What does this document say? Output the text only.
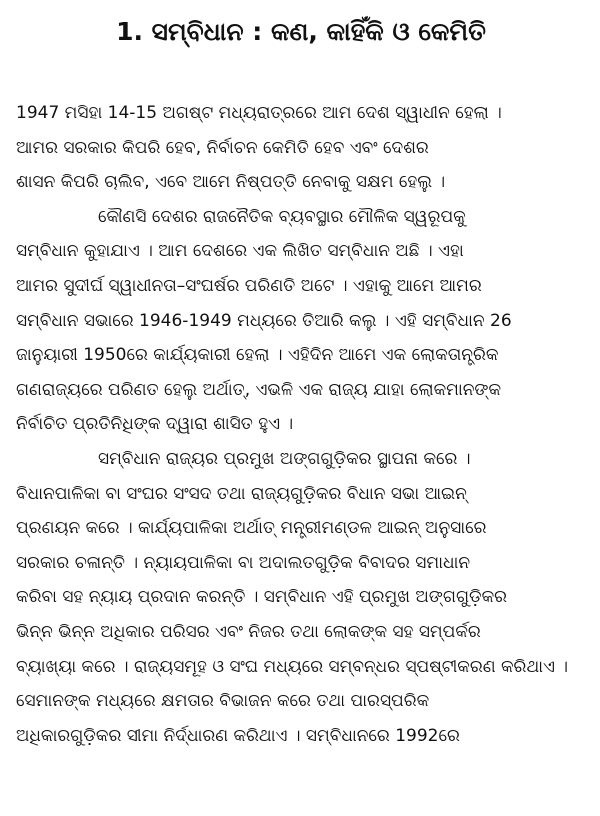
1. ସମ୍ବିଧାନ : କଣ, କାହିଁକି ଓ କେମିତି
1947 ମସିହା 14-15 ଅଗଷ୍ଟ ମଧ୍ୟରାତ୍ରରେ ଆମ ଦେଶ ସ୍ୱାଧୀନ ହେଲା ।
ଆମର ସରକାର କିପରି ହେବ, ନିର୍ବାଚନ କେମିତି ହେବ ଏବଂ ଦେଶର
ଶାସନ କିପରି ଚାଲିବ, ଏବେ ଆମେ ନିଷ୍ପତ୍ତି ନେବାକୁ ସକ୍ଷମ ହେଲୁ ।
କୌଣସି ଦେଶର ରାଜନୈତିକ ବ୍ୟବସ୍ଥାର ମୌଳିକ ସ୍ୱରୂପକୁ
ସମ୍ବିଧାନ କୁହାଯାଏ । ଆମ ଦେଶରେ ଏକ ଲିଖିତ ସମ୍ବିଧାନ ଅଛି । ଏହା
ଆମର ସୁଦୀର୍ଘ ସ୍ୱାଧୀନତା–ସଂଘର୍ଷର ପରିଣତି ଅଟେ । ଏହାକୁ ଆମେ ଆମର
ସମ୍ବିଧାନ ସଭାରେ 1946-1949 ମଧ୍ୟରେ ତିଆରି କଲୁ । ଏହି ସମ୍ବିଧାନ 26
ଜାନୁୟାରୀ 1950ରେ କାର୍ଯ୍ୟକାରୀ ହେଲା । ଏହିଦିନ ଆମେ ଏକ ଲୋକତାନ୍ତ୍ରିକ
ଗଣରାଜ୍ୟରେ ପରିଣତ ହେଲୁ ଅର୍ଥାତ୍, ଏଭଳି ଏକ ରାଜ୍ୟ ଯାହା ଲୋକମାନଙ୍କ
ନିର୍ବାଚିତ ପ୍ରତିନିଧିଙ୍କ ଦ୍ୱାରା ଶାସିତ ହୁଏ ।
ସମ୍ବିଧାନ ରାଜ୍ୟର ପ୍ରମୁଖ ଅଙ୍ଗଗୁଡ଼ିକର ସ୍ଥାପନା କରେ ।
ବିଧାନପାଳିକା ବା ସଂଘର ସଂସଦ ତଥା ରାଜ୍ୟଗୁଡ଼ିକର ବିଧାନ ସଭା ଆଇନ୍
ପ୍ରଣୟନ କରେ । କାର୍ଯ୍ୟପାଳିକା ଅର୍ଥାତ୍ ମନ୍ତ୍ରୀମଣ୍ଡଳ ଆଇନ୍ ଅନୁସାରେ
ସରକାର ଚଳାନ୍ତି । ନ୍ୟାୟପାଳିକା ବା ଅଦାଲତଗୁଡ଼ିକ ବିବାଦର ସମାଧାନ
କରିବା ସହ ନ୍ୟାୟ ପ୍ରଦାନ କରନ୍ତି । ସମ୍ବିଧାନ ଏହି ପ୍ରମୁଖ ଅଙ୍ଗଗୁଡ଼ିକର
ଭିନ୍ନ ଭିନ୍ନ ଅଧିକାର ପରିସର ଏବଂ ନିଜର ତଥା ଲୋକଙ୍କ ସହ ସମ୍ପର୍କର
ବ୍ୟାଖ୍ୟା କରେ । ରାଜ୍ୟସମୂହ ଓ ସଂଘ ମଧ୍ୟରେ ସମ୍ବନ୍ଧର ସ୍ପଷ୍ଟୀକରଣ କରିଥାଏ ।
ସେମାନଙ୍କ ମଧ୍ୟରେ କ୍ଷମତାର ବିଭାଜନ କରେ ତଥା ପାରସ୍ପରିକ
ଅଧିକାରଗୁଡ଼ିକର ସୀମା ନିର୍ଦ୍ଧାରଣ କରିଥାଏ । ସମ୍ବିଧାନରେ 1992ରେ
